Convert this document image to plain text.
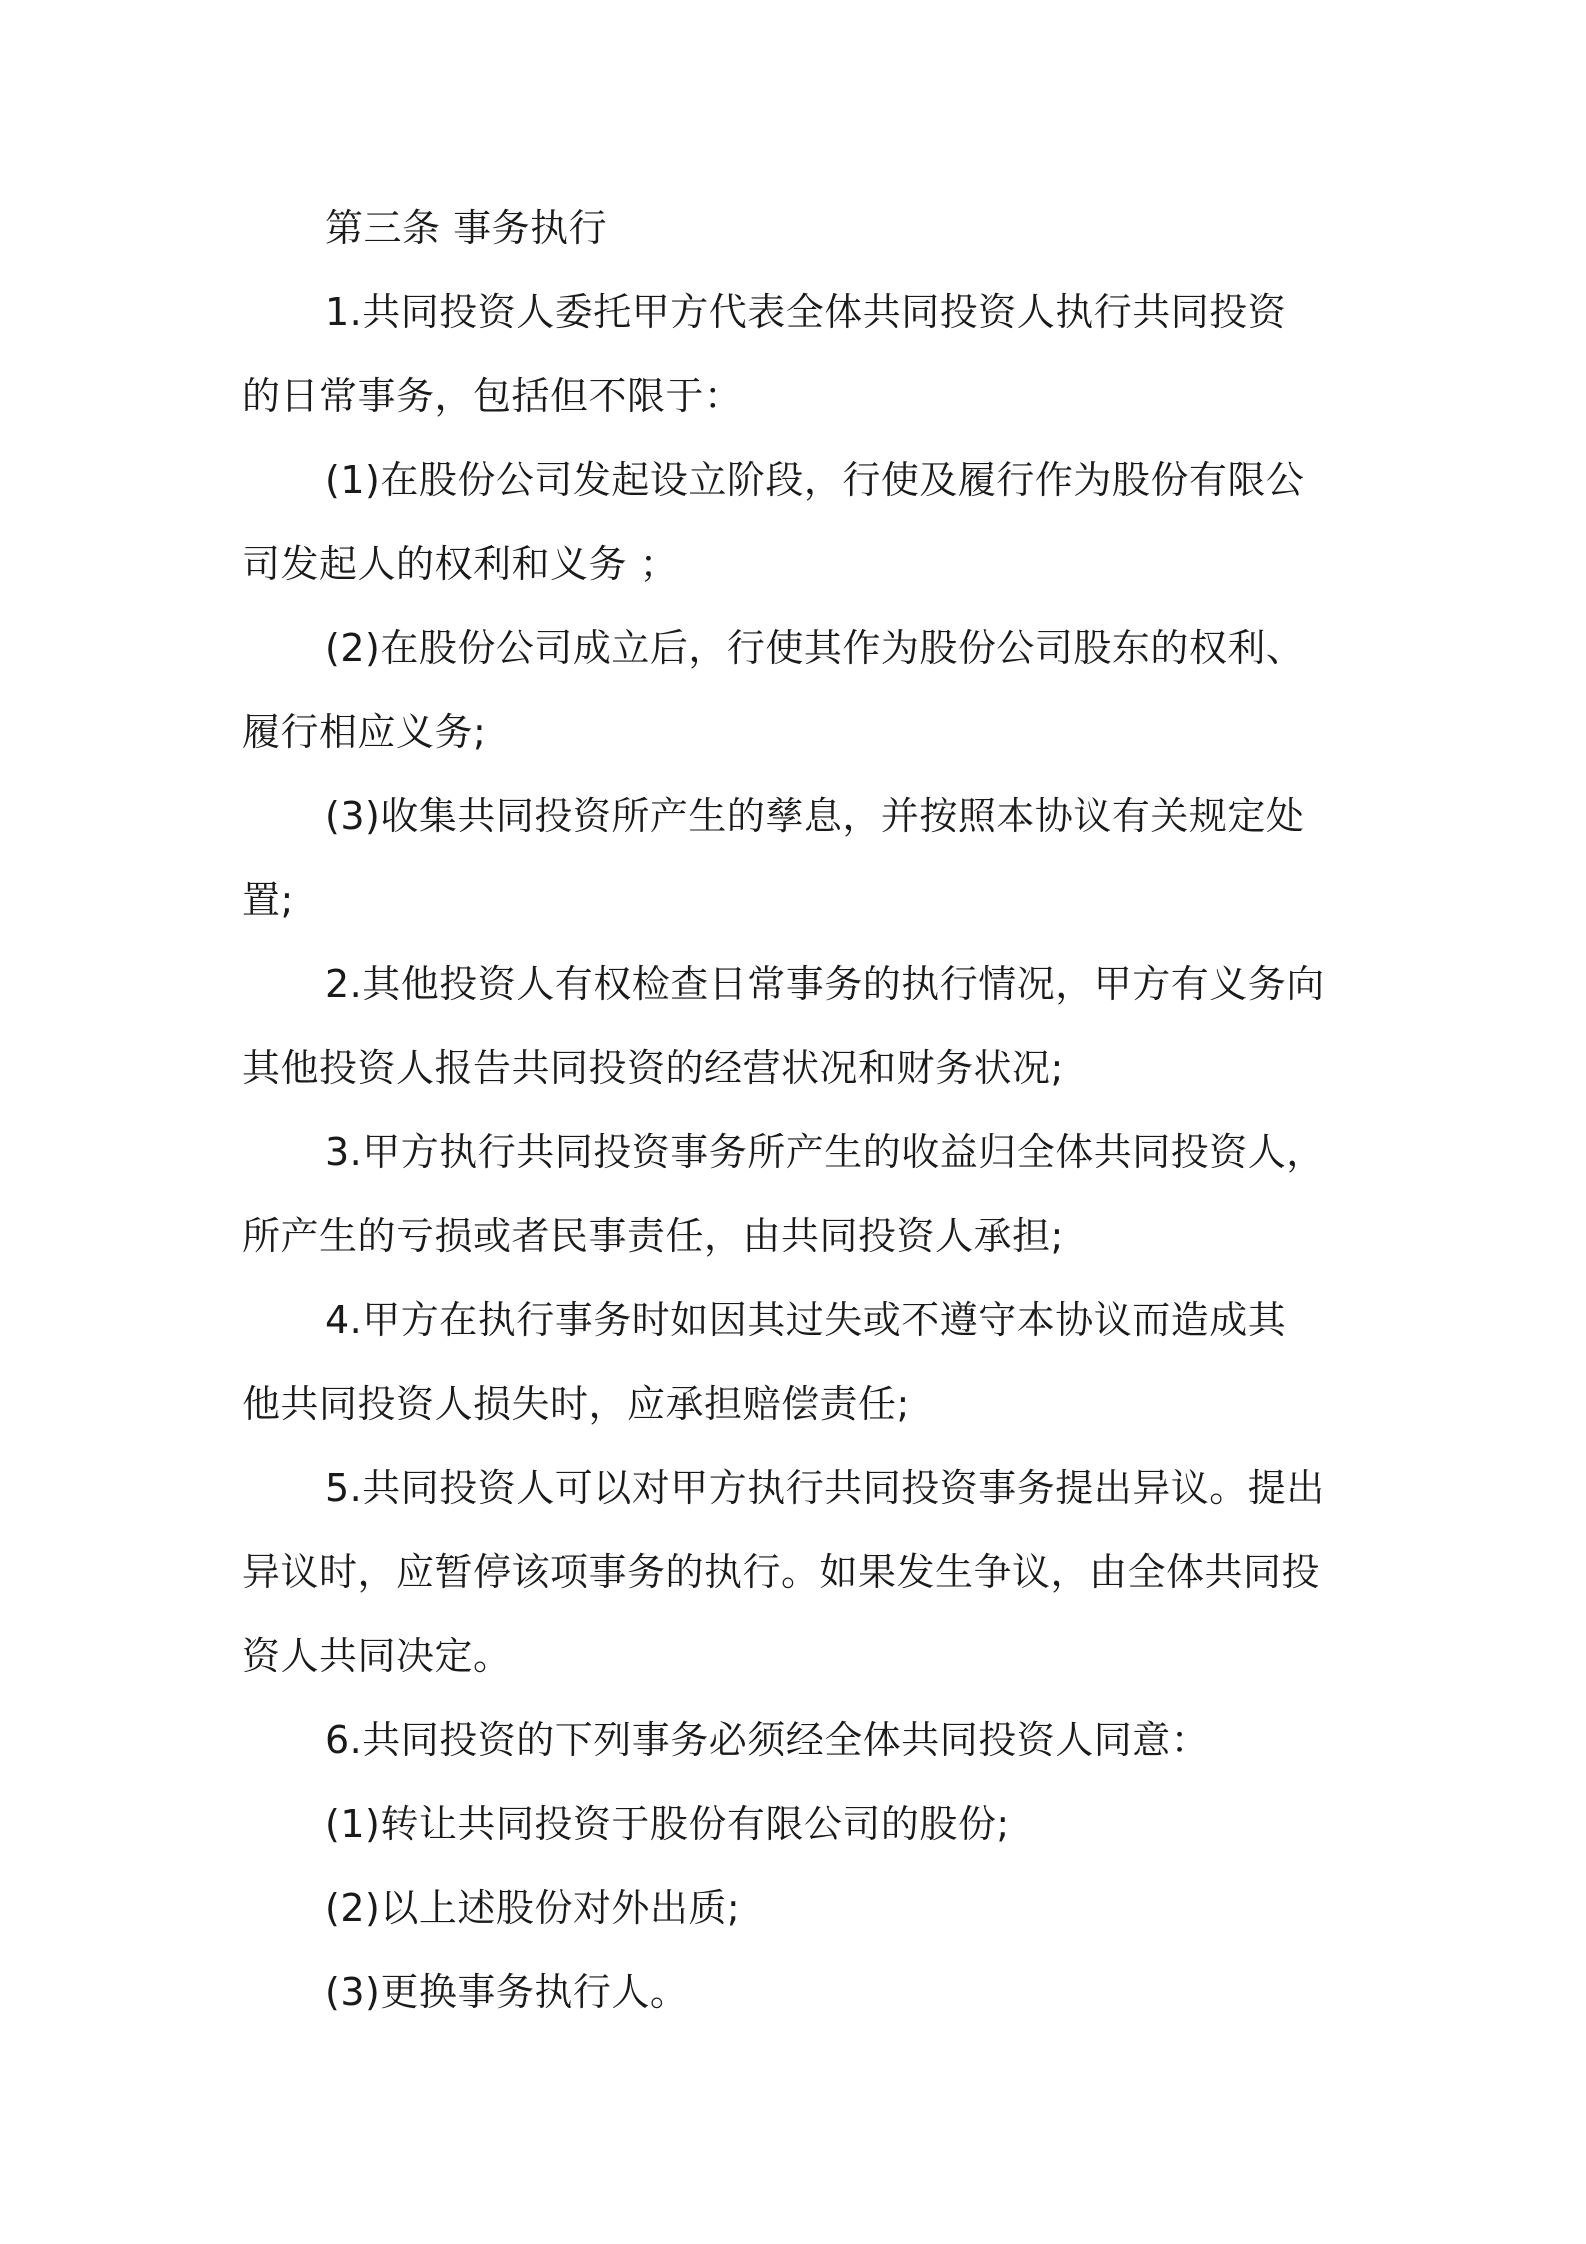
第三条 事务执行
1.共同投资人委托甲方代表全体共同投资人执行共同投资
的日常事务，包括但不限于：
(1)在股份公司发起设立阶段，行使及履行作为股份有限公
司发起人的权利和义务 ；
(2)在股份公司成立后，行使其作为股份公司股东的权利、
履行相应义务;
(3)收集共同投资所产生的孳息，并按照本协议有关规定处
置;
2.其他投资人有权检查日常事务的执行情况，甲方有义务向
其他投资人报告共同投资的经营状况和财务状况;
3.甲方执行共同投资事务所产生的收益归全体共同投资人，
所产生的亏损或者民事责任，由共同投资人承担;
4.甲方在执行事务时如因其过失或不遵守本协议而造成其
他共同投资人损失时，应承担赔偿责任;
5.共同投资人可以对甲方执行共同投资事务提出异议。提出
异议时，应暂停该项事务的执行。如果发生争议，由全体共同投
资人共同决定。
6.共同投资的下列事务必须经全体共同投资人同意：
(1)转让共同投资于股份有限公司的股份;
(2)以上述股份对外出质;
(3)更换事务执行人。
